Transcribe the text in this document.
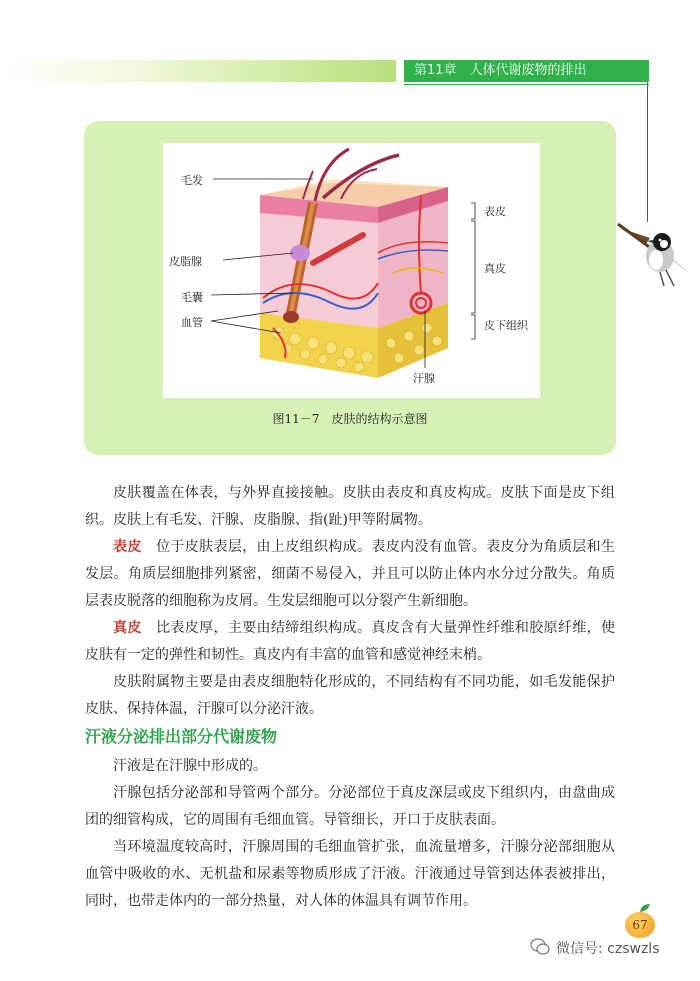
第11章　人体代谢废物的排出
毛发
皮脂腺
毛囊
血管
表皮
真皮
皮下组织
汗腺
图11－7　皮肤的结构示意图

皮肤覆盖在体表，与外界直接接触。皮肤由表皮和真皮构成。皮肤下面是皮下组织。皮肤上有毛发、汗腺、皮脂腺、指(趾)甲等附属物。

表皮　位于皮肤表层，由上皮组织构成。表皮内没有血管。表皮分为角质层和生发层。角质层细胞排列紧密，细菌不易侵入，并且可以防止体内水分过分散失。角质层表皮脱落的细胞称为皮屑。生发层细胞可以分裂产生新细胞。

真皮　比表皮厚，主要由结缔组织构成。真皮含有大量弹性纤维和胶原纤维，使皮肤有一定的弹性和韧性。真皮内有丰富的血管和感觉神经末梢。

皮肤附属物主要是由表皮细胞特化形成的，不同结构有不同功能，如毛发能保护皮肤、保持体温，汗腺可以分泌汗液。

汗液分泌排出部分代谢废物

汗液是在汗腺中形成的。

汗腺包括分泌部和导管两个部分。分泌部位于真皮深层或皮下组织内，由盘曲成团的细管构成，它的周围有毛细血管。导管细长，开口于皮肤表面。

当环境温度较高时，汗腺周围的毛细血管扩张，血流量增多，汗腺分泌部细胞从血管中吸收的水、无机盐和尿素等物质形成了汗液。汗液通过导管到达体表被排出，同时，也带走体内的一部分热量，对人体的体温具有调节作用。

67
微信号: czswzls
